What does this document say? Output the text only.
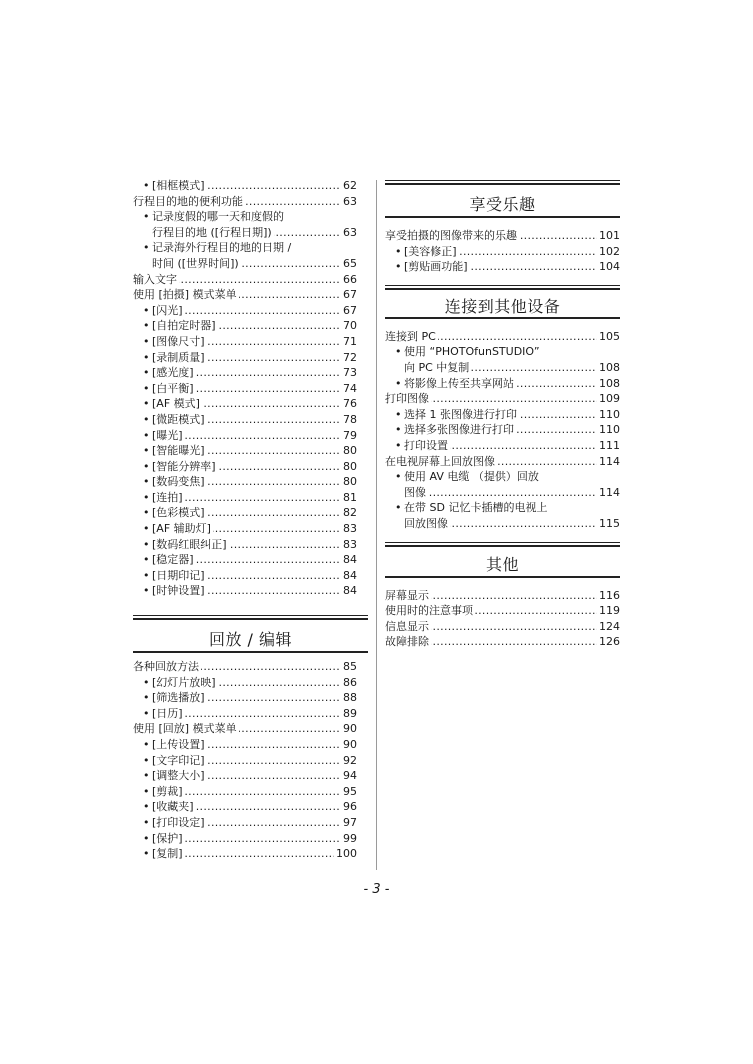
• [相框模式] .....	62
行程目的地的便利功能 .....	63
• 记录度假的哪一天和度假的
行程目的地 ([行程日期]) .....	63
• 记录海外行程目的地的日期 /
时间 ([世界时间]) .....	65
输入文字 .....	66
使用 [拍摄] 模式菜单 .....	67
• [闪光] .....	67
• [自拍定时器] .....	70
• [图像尺寸] .....	71
• [录制质量] .....	72
• [感光度] .....	73
• [白平衡] .....	74
• [AF 模式] .....	76
• [微距模式] .....	78
• [曝光] .....	79
• [智能曝光] .....	80
• [智能分辨率] .....	80
• [数码变焦] .....	80
• [连拍] .....	81
• [色彩模式] .....	82
• [AF 辅助灯] .....	83
• [数码红眼纠正] .....	83
• [稳定器] .....	84
• [日期印记] .....	84
• [时钟设置] .....	84
回放 / 编辑
各种回放方法 .....	85
• [幻灯片放映] .....	86
• [筛选播放] .....	88
• [日历] .....	89
使用 [回放] 模式菜单 .....	90
• [上传设置] .....	90
• [文字印记] .....	92
• [调整大小] .....	94
• [剪裁] .....	95
• [收藏夹] .....	96
• [打印设定] .....	97
• [保护] .....	99
• [复制] .....	100
享受乐趣
享受拍摄的图像带来的乐趣 .....	101
• [美容修正] .....	102
• [剪贴画功能] .....	104
连接到其他设备
连接到 PC .....	105
• 使用 “PHOTOfunSTUDIO”
向 PC 中复制 .....	108
• 将影像上传至共享网站 .....	108
打印图像 .....	109
• 选择 1 张图像进行打印 .....	110
• 选择多张图像进行打印 .....	110
• 打印设置 .....	111
在电视屏幕上回放图像 .....	114
• 使用 AV 电缆 （提供）回放
图像 .....	114
• 在带 SD 记忆卡插槽的电视上
回放图像 .....	115
其他
屏幕显示 .....	116
使用时的注意事项 .....	119
信息显示 .....	124
故障排除 .....	126
- 3 -
